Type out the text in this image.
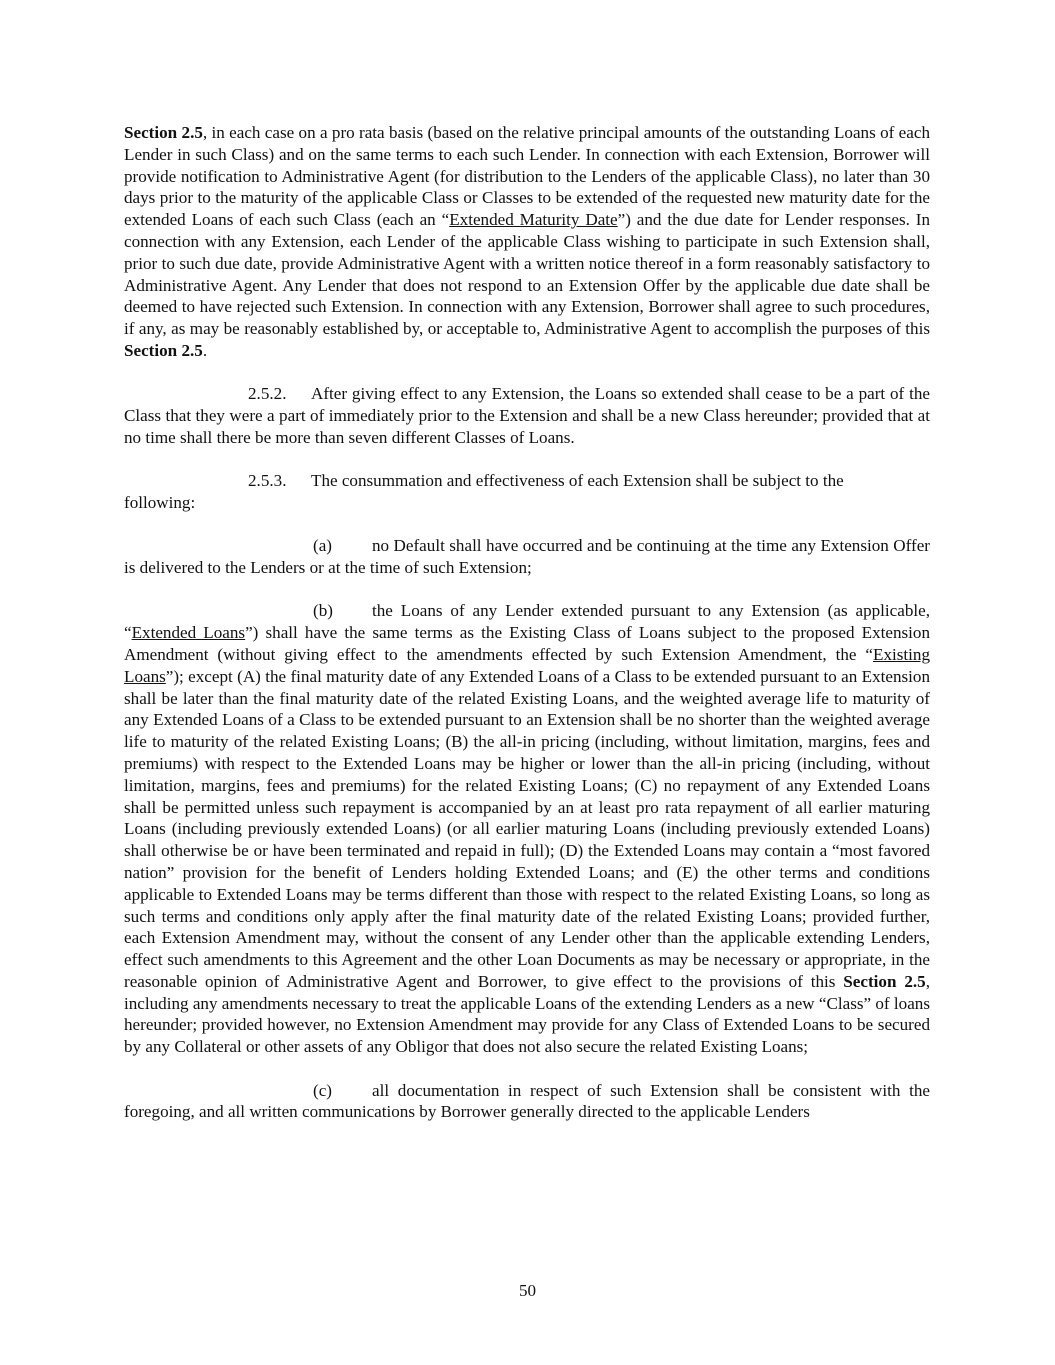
Section 2.5, in each case on a pro rata basis (based on the relative principal amounts of the outstanding Loans of each Lender in such Class) and on the same terms to each such Lender. In connection with each Extension, Borrower will provide notification to Administrative Agent (for distribution to the Lenders of the applicable Class), no later than 30 days prior to the maturity of the applicable Class or Classes to be extended of the requested new maturity date for the extended Loans of each such Class (each an “Extended Maturity Date”) and the due date for Lender responses. In connection with any Extension, each Lender of the applicable Class wishing to participate in such Extension shall, prior to such due date, provide Administrative Agent with a written notice thereof in a form reasonably satisfactory to Administrative Agent. Any Lender that does not respond to an Extension Offer by the applicable due date shall be deemed to have rejected such Extension. In connection with any Extension, Borrower shall agree to such procedures, if any, as may be reasonably established by, or acceptable to, Administrative Agent to accomplish the purposes of this Section 2.5.

2.5.2. After giving effect to any Extension, the Loans so extended shall cease to be a part of the Class that they were a part of immediately prior to the Extension and shall be a new Class hereunder; provided that at no time shall there be more than seven different Classes of Loans.

2.5.3. The consummation and effectiveness of each Extension shall be subject to the
following:

(a) no Default shall have occurred and be continuing at the time any Extension Offer is delivered to the Lenders or at the time of such Extension;

(b) the Loans of any Lender extended pursuant to any Extension (as applicable, “Extended Loans”) shall have the same terms as the Existing Class of Loans subject to the proposed Extension Amendment (without giving effect to the amendments effected by such Extension Amendment, the “Existing Loans”); except (A) the final maturity date of any Extended Loans of a Class to be extended pursuant to an Extension shall be later than the final maturity date of the related Existing Loans, and the weighted average life to maturity of any Extended Loans of a Class to be extended pursuant to an Extension shall be no shorter than the weighted average life to maturity of the related Existing Loans; (B) the all-in pricing (including, without limitation, margins, fees and premiums) with respect to the Extended Loans may be higher or lower than the all-in pricing (including, without limitation, margins, fees and premiums) for the related Existing Loans; (C) no repayment of any Extended Loans shall be permitted unless such repayment is accompanied by an at least pro rata repayment of all earlier maturing Loans (including previously extended Loans) (or all earlier maturing Loans (including previously extended Loans) shall otherwise be or have been terminated and repaid in full); (D) the Extended Loans may contain a “most favored nation” provision for the benefit of Lenders holding Extended Loans; and (E) the other terms and conditions applicable to Extended Loans may be terms different than those with respect to the related Existing Loans, so long as such terms and conditions only apply after the final maturity date of the related Existing Loans; provided further, each Extension Amendment may, without the consent of any Lender other than the applicable extending Lenders, effect such amendments to this Agreement and the other Loan Documents as may be necessary or appropriate, in the reasonable opinion of Administrative Agent and Borrower, to give effect to the provisions of this Section 2.5, including any amendments necessary to treat the applicable Loans of the extending Lenders as a new “Class” of loans hereunder; provided however, no Extension Amendment may provide for any Class of Extended Loans to be secured by any Collateral or other assets of any Obligor that does not also secure the related Existing Loans;

(c) all documentation in respect of such Extension shall be consistent with the foregoing, and all written communications by Borrower generally directed to the applicable Lenders

50
